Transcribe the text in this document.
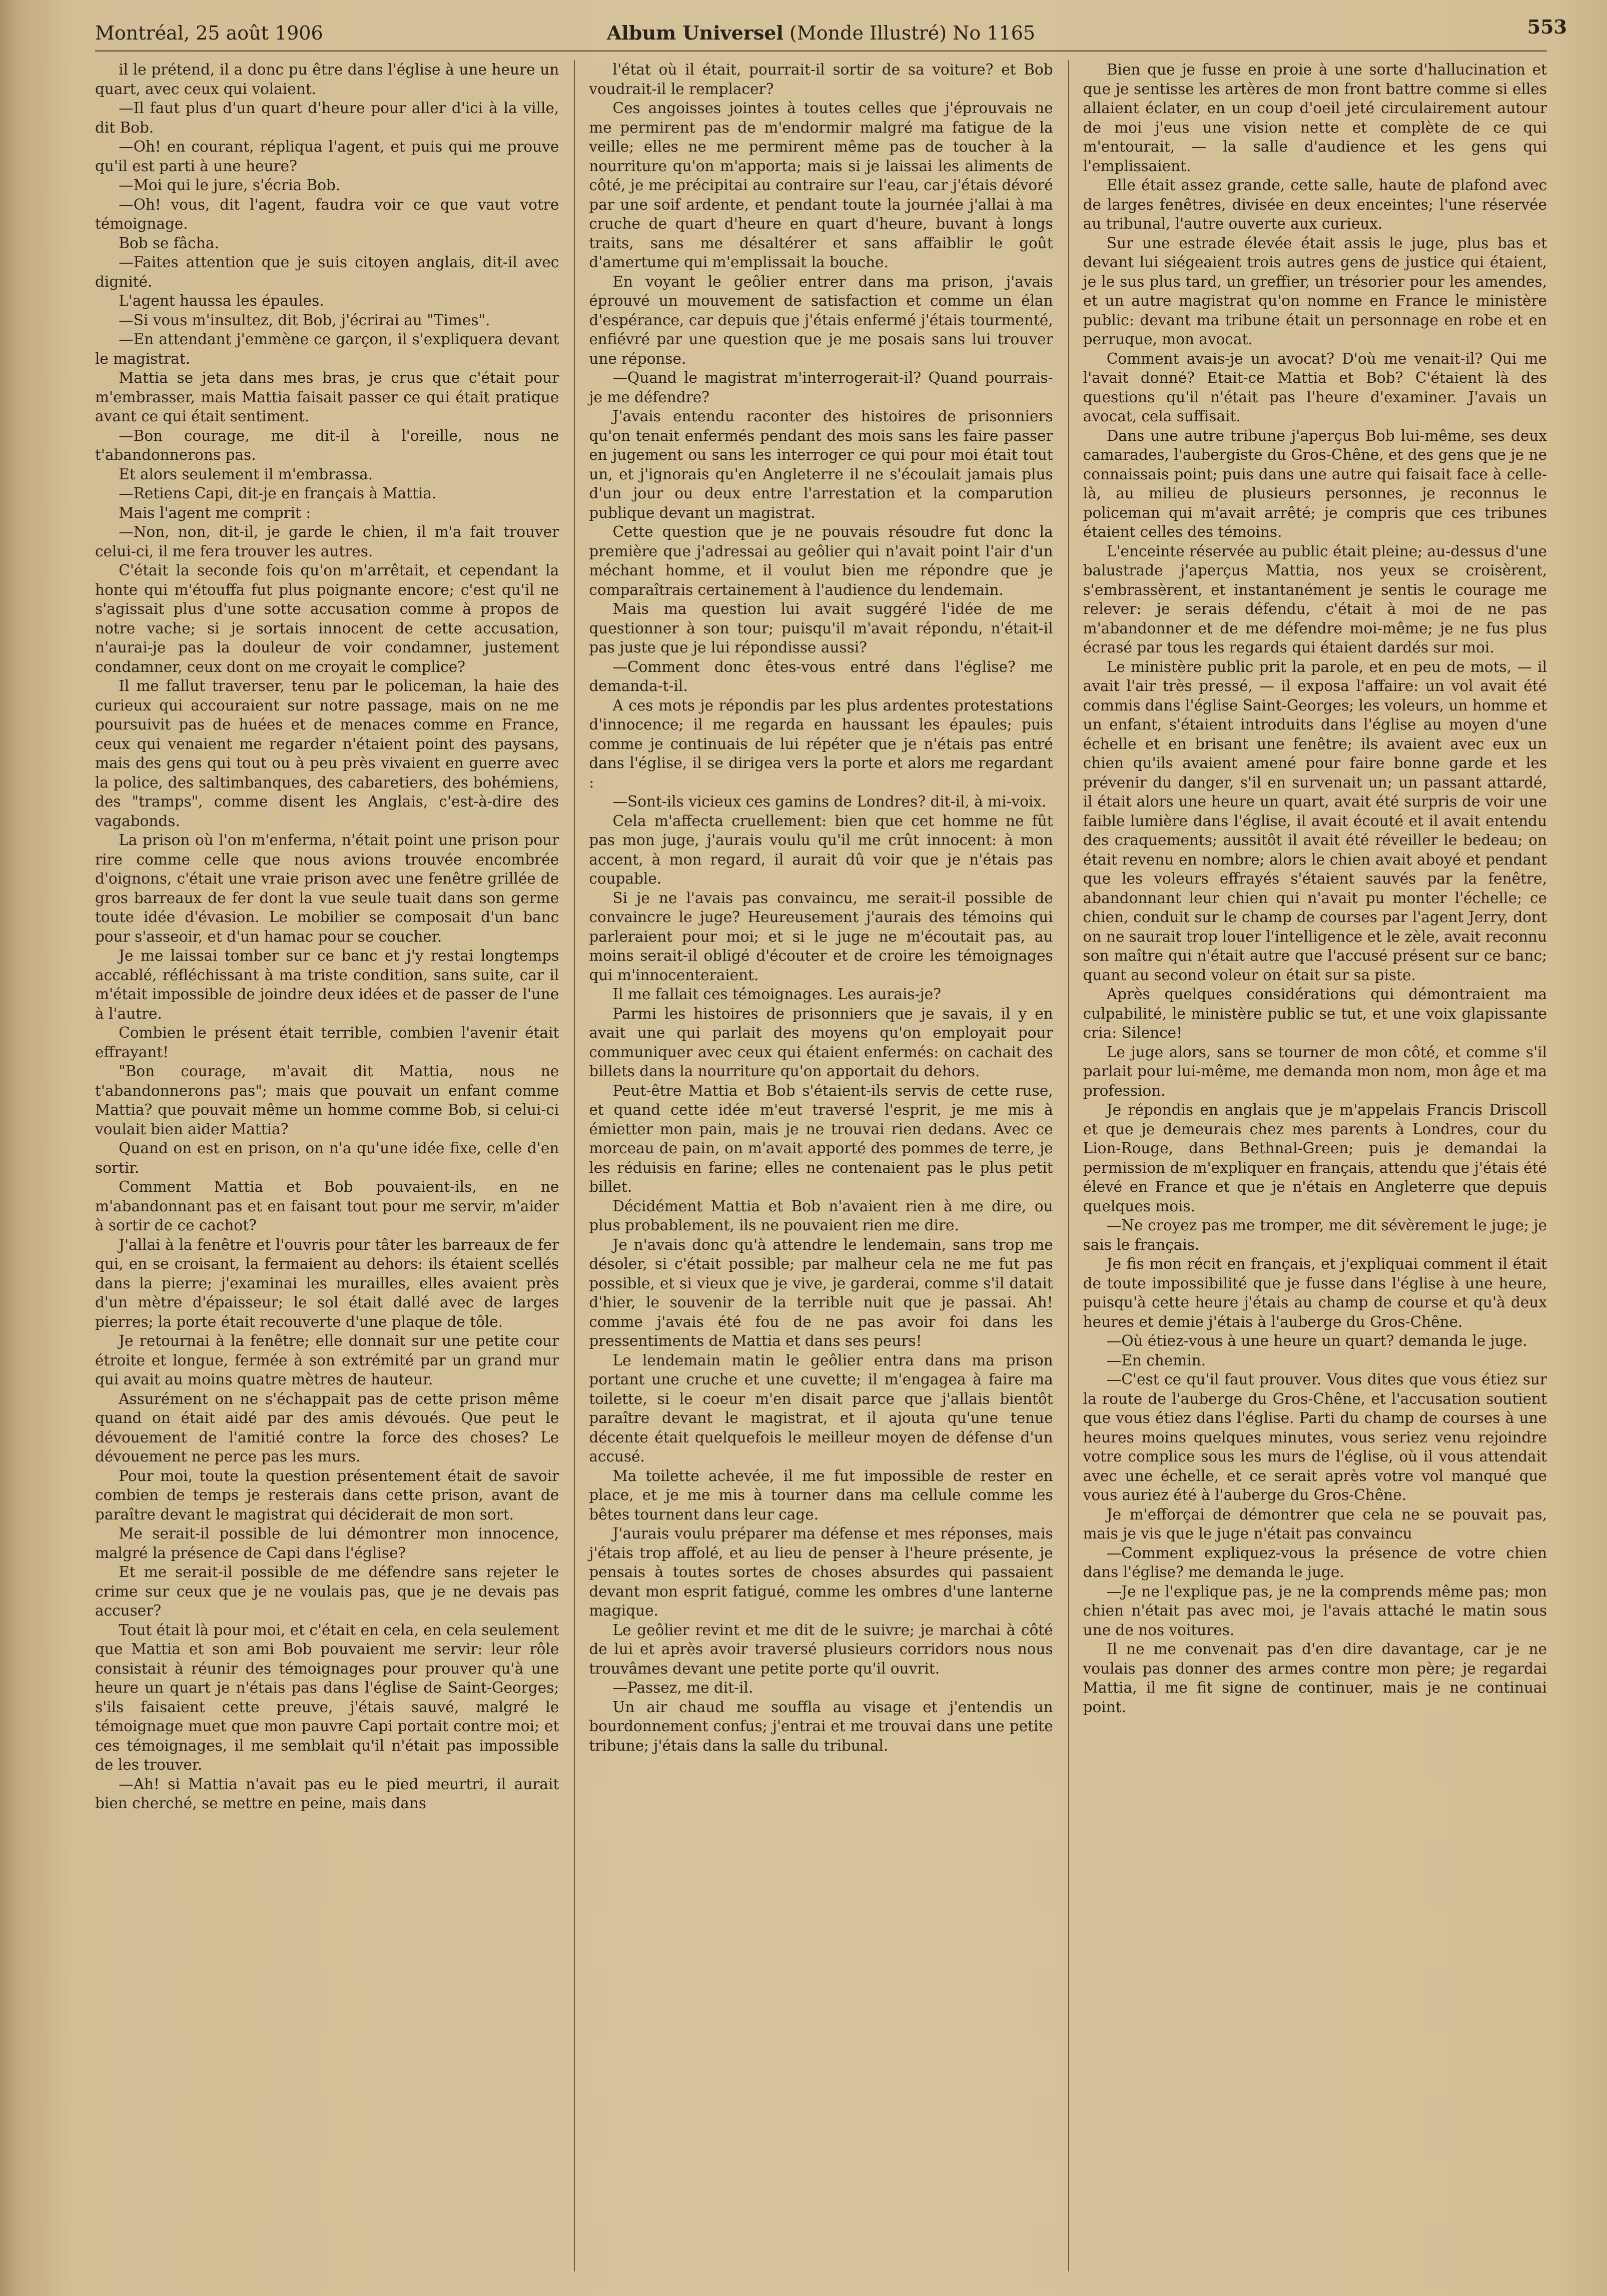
Montréal, 25 août 1906	Album Universel (Monde Illustré) No 1165	553

il le prétend, il a donc pu être dans l'église à une heure un quart, avec ceux qui volaient.

—Il faut plus d'un quart d'heure pour aller d'ici à la ville, dit Bob.

—Oh! en courant, répliqua l'agent, et puis qui me prouve qu'il est parti à une heure?

—Moi qui le jure, s'écria Bob.

—Oh! vous, dit l'agent, faudra voir ce que vaut votre témoignage.

Bob se fâcha.

—Faites attention que je suis citoyen anglais, dit-il avec dignité.

L'agent haussa les épaules.

—Si vous m'insultez, dit Bob, j'écrirai au "Times".

—En attendant j'emmène ce garçon, il s'expliquera devant le magistrat.

Mattia se jeta dans mes bras, je crus que c'était pour m'embrasser, mais Mattia faisait passer ce qui était pratique avant ce qui était sentiment.

—Bon courage, me dit-il à l'oreille, nous ne t'abandonnerons pas.

Et alors seulement il m'embrassa.

—Retiens Capi, dit-je en français à Mattia.

Mais l'agent me comprit :

—Non, non, dit-il, je garde le chien, il m'a fait trouver celui-ci, il me fera trouver les autres.

C'était la seconde fois qu'on m'arrêtait, et cependant la honte qui m'étouffa fut plus poignante encore; c'est qu'il ne s'agissait plus d'une sotte accusation comme à propos de notre vache; si je sortais innocent de cette accusation, n'aurai-je pas la douleur de voir condamner, justement condamner, ceux dont on me croyait le complice?

Il me fallut traverser, tenu par le policeman, la haie des curieux qui accouraient sur notre passage, mais on ne me poursuivit pas de huées et de menaces comme en France, ceux qui venaient me regarder n'étaient point des paysans, mais des gens qui tout ou à peu près vivaient en guerre avec la police, des saltimbanques, des cabaretiers, des bohémiens, des "tramps", comme disent les Anglais, c'est-à-dire des vagabonds.

La prison où l'on m'enferma, n'était point une prison pour rire comme celle que nous avions trouvée encombrée d'oignons, c'était une vraie prison avec une fenêtre grillée de gros barreaux de fer dont la vue seule tuait dans son germe toute idée d'évasion. Le mobilier se composait d'un banc pour s'asseoir, et d'un hamac pour se coucher.

Je me laissai tomber sur ce banc et j'y restai longtemps accablé, réfléchissant à ma triste condition, sans suite, car il m'était impossible de joindre deux idées et de passer de l'une à l'autre.

Combien le présent était terrible, combien l'avenir était effrayant!

"Bon courage, m'avait dit Mattia, nous ne t'abandonnerons pas"; mais que pouvait un enfant comme Mattia? que pouvait même un homme comme Bob, si celui-ci voulait bien aider Mattia?

Quand on est en prison, on n'a qu'une idée fixe, celle d'en sortir.

Comment Mattia et Bob pouvaient-ils, en ne m'abandonnant pas et en faisant tout pour me servir, m'aider à sortir de ce cachot?

J'allai à la fenêtre et l'ouvris pour tâter les barreaux de fer qui, en se croisant, la fermaient au dehors: ils étaient scellés dans la pierre; j'examinai les murailles, elles avaient près d'un mètre d'épaisseur; le sol était dallé avec de larges pierres; la porte était recouverte d'une plaque de tôle.

Je retournai à la fenêtre; elle donnait sur une petite cour étroite et longue, fermée à son extrémité par un grand mur qui avait au moins quatre mètres de hauteur.

Assurément on ne s'échappait pas de cette prison même quand on était aidé par des amis dévoués. Que peut le dévouement de l'amitié contre la force des choses? Le dévouement ne perce pas les murs.

Pour moi, toute la question présentement était de savoir combien de temps je resterais dans cette prison, avant de paraître devant le magistrat qui déciderait de mon sort.

Me serait-il possible de lui démontrer mon innocence, malgré la présence de Capi dans l'église?

Et me serait-il possible de me défendre sans rejeter le crime sur ceux que je ne voulais pas, que je ne devais pas accuser?

Tout était là pour moi, et c'était en cela, en cela seulement que Mattia et son ami Bob pouvaient me servir: leur rôle consistait à réunir des témoignages pour prouver qu'à une heure un quart je n'étais pas dans l'église de Saint-Georges; s'ils faisaient cette preuve, j'étais sauvé, malgré le témoignage muet que mon pauvre Capi portait contre moi; et ces témoignages, il me semblait qu'il n'était pas impossible de les trouver.

—Ah! si Mattia n'avait pas eu le pied meurtri, il aurait bien cherché, se mettre en peine, mais dans

l'état où il était, pourrait-il sortir de sa voiture? et Bob voudrait-il le remplacer?

Ces angoisses jointes à toutes celles que j'éprouvais ne me permirent pas de m'endormir malgré ma fatigue de la veille; elles ne me permirent même pas de toucher à la nourriture qu'on m'apporta; mais si je laissai les aliments de côté, je me précipitai au contraire sur l'eau, car j'étais dévoré par une soif ardente, et pendant toute la journée j'allai à ma cruche de quart d'heure en quart d'heure, buvant à longs traits, sans me désaltérer et sans affaiblir le goût d'amertume qui m'emplissait la bouche.

En voyant le geôlier entrer dans ma prison, j'avais éprouvé un mouvement de satisfaction et comme un élan d'espérance, car depuis que j'étais enfermé j'étais tourmenté, enfiévré par une question que je me posais sans lui trouver une réponse.

—Quand le magistrat m'interrogerait-il? Quand pourrais-je me défendre?

J'avais entendu raconter des histoires de prisonniers qu'on tenait enfermés pendant des mois sans les faire passer en jugement ou sans les interroger ce qui pour moi était tout un, et j'ignorais qu'en Angleterre il ne s'écoulait jamais plus d'un jour ou deux entre l'arrestation et la comparution publique devant un magistrat.

Cette question que je ne pouvais résoudre fut donc la première que j'adressai au geôlier qui n'avait point l'air d'un méchant homme, et il voulut bien me répondre que je comparaîtrais certainement à l'audience du lendemain.

Mais ma question lui avait suggéré l'idée de me questionner à son tour; puisqu'il m'avait répondu, n'était-il pas juste que je lui répondisse aussi?

—Comment donc êtes-vous entré dans l'église? me demanda-t-il.

A ces mots je répondis par les plus ardentes protestations d'innocence; il me regarda en haussant les épaules; puis comme je continuais de lui répéter que je n'étais pas entré dans l'église, il se dirigea vers la porte et alors me regardant :

—Sont-ils vicieux ces gamins de Londres? dit-il, à mi-voix.

Cela m'affecta cruellement: bien que cet homme ne fût pas mon juge, j'aurais voulu qu'il me crût innocent: à mon accent, à mon regard, il aurait dû voir que je n'étais pas coupable.

Si je ne l'avais pas convaincu, me serait-il possible de convaincre le juge? Heureusement j'aurais des témoins qui parleraient pour moi; et si le juge ne m'écoutait pas, au moins serait-il obligé d'écouter et de croire les témoignages qui m'innocenteraient.

Il me fallait ces témoignages. Les aurais-je?

Parmi les histoires de prisonniers que je savais, il y en avait une qui parlait des moyens qu'on employait pour communiquer avec ceux qui étaient enfermés: on cachait des billets dans la nourriture qu'on apportait du dehors.

Peut-être Mattia et Bob s'étaient-ils servis de cette ruse, et quand cette idée m'eut traversé l'esprit, je me mis à émietter mon pain, mais je ne trouvai rien dedans. Avec ce morceau de pain, on m'avait apporté des pommes de terre, je les réduisis en farine; elles ne contenaient pas le plus petit billet.

Décidément Mattia et Bob n'avaient rien à me dire, ou plus probablement, ils ne pouvaient rien me dire.

Je n'avais donc qu'à attendre le lendemain, sans trop me désoler, si c'était possible; par malheur cela ne me fut pas possible, et si vieux que je vive, je garderai, comme s'il datait d'hier, le souvenir de la terrible nuit que je passai. Ah! comme j'avais été fou de ne pas avoir foi dans les pressentiments de Mattia et dans ses peurs!

Le lendemain matin le geôlier entra dans ma prison portant une cruche et une cuvette; il m'engagea à faire ma toilette, si le coeur m'en disait parce que j'allais bientôt paraître devant le magistrat, et il ajouta qu'une tenue décente était quelquefois le meilleur moyen de défense d'un accusé.

Ma toilette achevée, il me fut impossible de rester en place, et je me mis à tourner dans ma cellule comme les bêtes tournent dans leur cage.

J'aurais voulu préparer ma défense et mes réponses, mais j'étais trop affolé, et au lieu de penser à l'heure présente, je pensais à toutes sortes de choses absurdes qui passaient devant mon esprit fatigué, comme les ombres d'une lanterne magique.

Le geôlier revint et me dit de le suivre; je marchai à côté de lui et après avoir traversé plusieurs corridors nous nous trouvâmes devant une petite porte qu'il ouvrit.

—Passez, me dit-il.

Un air chaud me souffla au visage et j'entendis un bourdonnement confus; j'entrai et me trouvai dans une petite tribune; j'étais dans la salle du tribunal.

Bien que je fusse en proie à une sorte d'hallucination et que je sentisse les artères de mon front battre comme si elles allaient éclater, en un coup d'oeil jeté circulairement autour de moi j'eus une vision nette et complète de ce qui m'entourait, — la salle d'audience et les gens qui l'emplissaient.

Elle était assez grande, cette salle, haute de plafond avec de larges fenêtres, divisée en deux enceintes; l'une réservée au tribunal, l'autre ouverte aux curieux.

Sur une estrade élevée était assis le juge, plus bas et devant lui siégeaient trois autres gens de justice qui étaient, je le sus plus tard, un greffier, un trésorier pour les amendes, et un autre magistrat qu'on nomme en France le ministère public: devant ma tribune était un personnage en robe et en perruque, mon avocat.

Comment avais-je un avocat? D'où me venait-il? Qui me l'avait donné? Etait-ce Mattia et Bob? C'étaient là des questions qu'il n'était pas l'heure d'examiner. J'avais un avocat, cela suffisait.

Dans une autre tribune j'aperçus Bob lui-même, ses deux camarades, l'aubergiste du Gros-Chêne, et des gens que je ne connaissais point; puis dans une autre qui faisait face à celle-là, au milieu de plusieurs personnes, je reconnus le policeman qui m'avait arrêté; je compris que ces tribunes étaient celles des témoins.

L'enceinte réservée au public était pleine; au-dessus d'une balustrade j'aperçus Mattia, nos yeux se croisèrent, s'embrassèrent, et instantanément je sentis le courage me relever: je serais défendu, c'était à moi de ne pas m'abandonner et de me défendre moi-même; je ne fus plus écrasé par tous les regards qui étaient dardés sur moi.

Le ministère public prit la parole, et en peu de mots, — il avait l'air très pressé, — il exposa l'affaire: un vol avait été commis dans l'église Saint-Georges; les voleurs, un homme et un enfant, s'étaient introduits dans l'église au moyen d'une échelle et en brisant une fenêtre; ils avaient avec eux un chien qu'ils avaient amené pour faire bonne garde et les prévenir du danger, s'il en survenait un; un passant attardé, il était alors une heure un quart, avait été surpris de voir une faible lumière dans l'église, il avait écouté et il avait entendu des craquements; aussitôt il avait été réveiller le bedeau; on était revenu en nombre; alors le chien avait aboyé et pendant que les voleurs effrayés s'étaient sauvés par la fenêtre, abandonnant leur chien qui n'avait pu monter l'échelle; ce chien, conduit sur le champ de courses par l'agent Jerry, dont on ne saurait trop louer l'intelligence et le zèle, avait reconnu son maître qui n'était autre que l'accusé présent sur ce banc; quant au second voleur on était sur sa piste.

Après quelques considérations qui démontraient ma culpabilité, le ministère public se tut, et une voix glapissante cria: Silence!

Le juge alors, sans se tourner de mon côté, et comme s'il parlait pour lui-même, me demanda mon nom, mon âge et ma profession.

Je répondis en anglais que je m'appelais Francis Driscoll et que je demeurais chez mes parents à Londres, cour du Lion-Rouge, dans Bethnal-Green; puis je demandai la permission de m'expliquer en français, attendu que j'étais été élevé en France et que je n'étais en Angleterre que depuis quelques mois.

—Ne croyez pas me tromper, me dit sévèrement le juge; je sais le français.

Je fis mon récit en français, et j'expliquai comment il était de toute impossibilité que je fusse dans l'église à une heure, puisqu'à cette heure j'étais au champ de course et qu'à deux heures et demie j'étais à l'auberge du Gros-Chêne.

—Où étiez-vous à une heure un quart? demanda le juge.

—En chemin.

—C'est ce qu'il faut prouver. Vous dites que vous étiez sur la route de l'auberge du Gros-Chêne, et l'accusation soutient que vous étiez dans l'église. Parti du champ de courses à une heures moins quelques minutes, vous seriez venu rejoindre votre complice sous les murs de l'église, où il vous attendait avec une échelle, et ce serait après votre vol manqué que vous auriez été à l'auberge du Gros-Chêne.

Je m'efforçai de démontrer que cela ne se pouvait pas, mais je vis que le juge n'était pas convaincu

—Comment expliquez-vous la présence de votre chien dans l'église? me demanda le juge.

—Je ne l'explique pas, je ne la comprends même pas; mon chien n'était pas avec moi, je l'avais attaché le matin sous une de nos voitures.

Il ne me convenait pas d'en dire davantage, car je ne voulais pas donner des armes contre mon père; je regardai Mattia, il me fit signe de continuer, mais je ne continuai point.
